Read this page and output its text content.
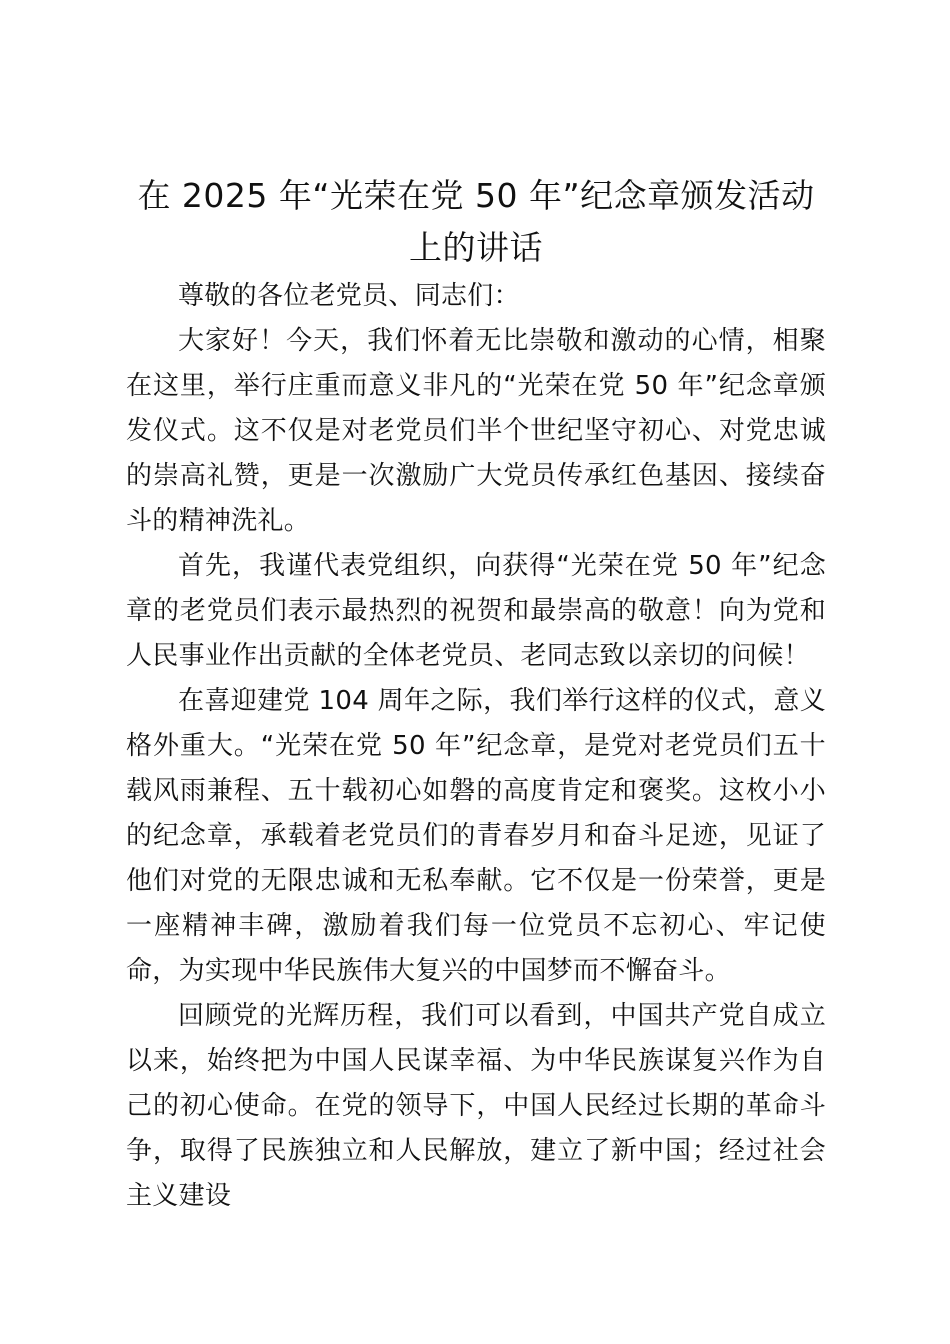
在 2025 年“光荣在党 50 年”纪念章颁发活动上的讲话

尊敬的各位老党员、同志们：

大家好！今天，我们怀着无比崇敬和激动的心情，相聚在这里，举行庄重而意义非凡的“光荣在党 50 年”纪念章颁发仪式。这不仅是对老党员们半个世纪坚守初心、对党忠诚的崇高礼赞，更是一次激励广大党员传承红色基因、接续奋斗的精神洗礼。

首先，我谨代表党组织，向获得“光荣在党 50 年”纪念章的老党员们表示最热烈的祝贺和最崇高的敬意！向为党和人民事业作出贡献的全体老党员、老同志致以亲切的问候！

在喜迎建党 104 周年之际，我们举行这样的仪式，意义格外重大。“光荣在党 50 年”纪念章，是党对老党员们五十载风雨兼程、五十载初心如磐的高度肯定和褒奖。这枚小小的纪念章，承载着老党员们的青春岁月和奋斗足迹，见证了他们对党的无限忠诚和无私奉献。它不仅是一份荣誉，更是一座精神丰碑，激励着我们每一位党员不忘初心、牢记使命，为实现中华民族伟大复兴的中国梦而不懈奋斗。

回顾党的光辉历程，我们可以看到，中国共产党自成立以来，始终把为中国人民谋幸福、为中华民族谋复兴作为自己的初心使命。在党的领导下，中国人民经过长期的革命斗争，取得了民族独立和人民解放，建立了新中国；经过社会主义建设
